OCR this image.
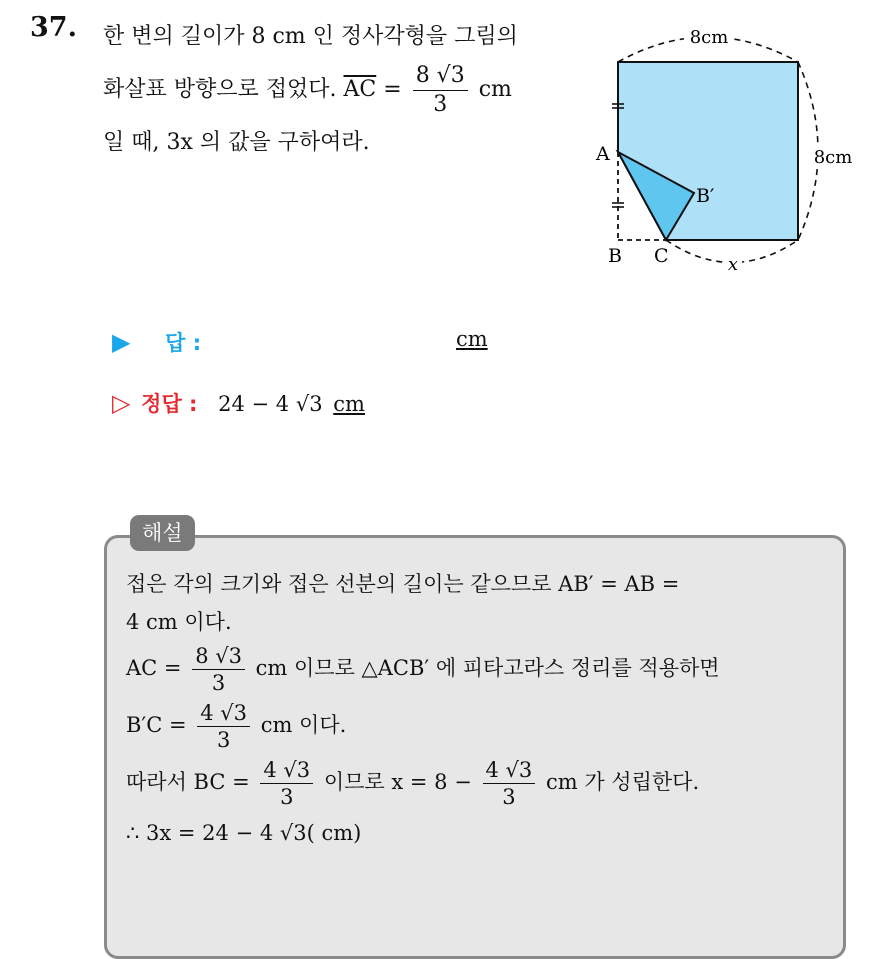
37. 한 변의 길이가 8 cm 인 정사각형을 그림의
화살표 방향으로 접었다. $\overline{AC} = \frac{8 √3}{3}$ cm
일 때, 3x 의 값을 구하여라.
8cm
8cm
x
A
B C
B′
▶ 답 :	cm
▷ 정답 : 24 − 4 √3 cm
해설

접은 각의 크기와 접은 선분의 길이는 같으므로 AB′ = AB =

4 cm 이다.

AC = $\frac{8 √3}{3}$ cm 이므로 △ACB′ 에 피타고라스 정리를 적용하면

$B'C = \frac{4 √3}{3}$ cm 이다.

따라서 BC = $\frac{4 √3}{3}$ 이므로 $x = 8 - \frac{4 √3}{3}$ cm 가 성립한다.

∴ 3x = 24 − 4 √3( cm)
